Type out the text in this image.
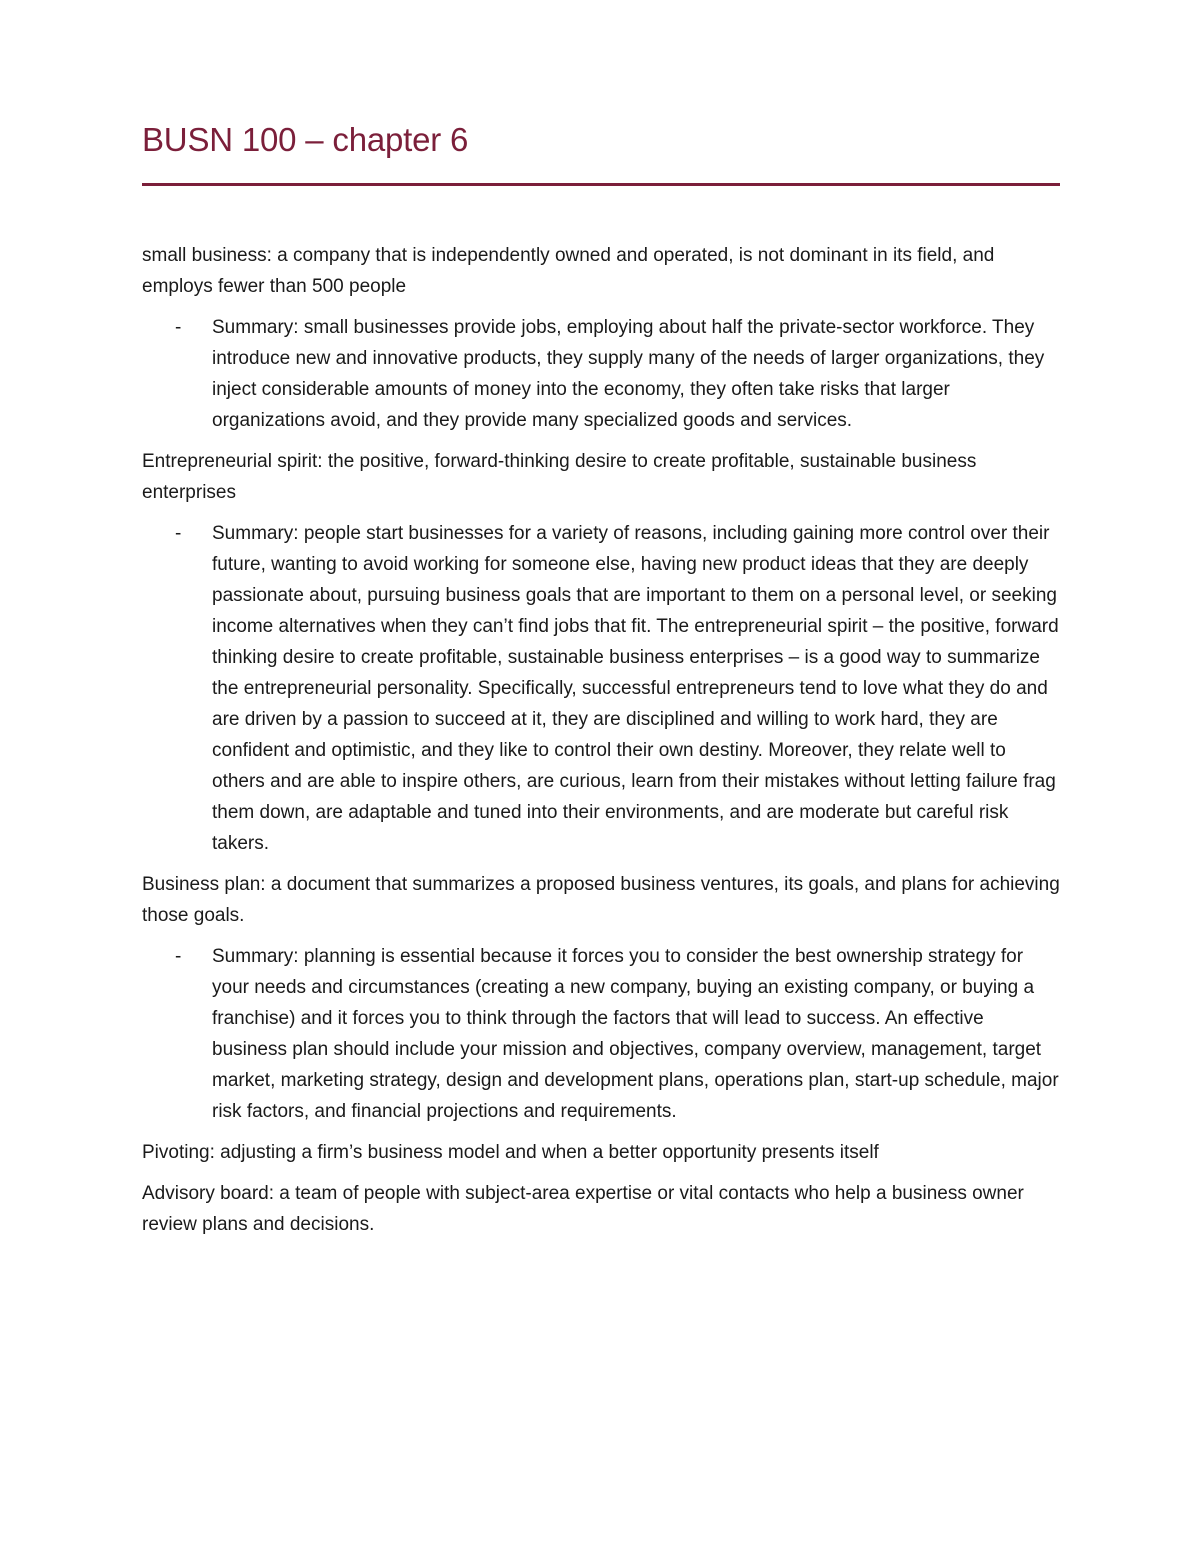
BUSN 100 – chapter 6

small business: a company that is independently owned and operated, is not dominant in its field, and employs fewer than 500 people

- Summary: small businesses provide jobs, employing about half the private-sector workforce. They introduce new and innovative products, they supply many of the needs of larger organizations, they inject considerable amounts of money into the economy, they often take risks that larger organizations avoid, and they provide many specialized goods and services.

Entrepreneurial spirit: the positive, forward-thinking desire to create profitable, sustainable business enterprises

- Summary: people start businesses for a variety of reasons, including gaining more control over their future, wanting to avoid working for someone else, having new product ideas that they are deeply passionate about, pursuing business goals that are important to them on a personal level, or seeking income alternatives when they can’t find jobs that fit. The entrepreneurial spirit – the positive, forward thinking desire to create profitable, sustainable business enterprises – is a good way to summarize the entrepreneurial personality. Specifically, successful entrepreneurs tend to love what they do and are driven by a passion to succeed at it, they are disciplined and willing to work hard, they are confident and optimistic, and they like to control their own destiny. Moreover, they relate well to others and are able to inspire others, are curious, learn from their mistakes without letting failure frag them down, are adaptable and tuned into their environments, and are moderate but careful risk takers.

Business plan: a document that summarizes a proposed business ventures, its goals, and plans for achieving those goals.

- Summary: planning is essential because it forces you to consider the best ownership strategy for your needs and circumstances (creating a new company, buying an existing company, or buying a franchise) and it forces you to think through the factors that will lead to success. An effective business plan should include your mission and objectives, company overview, management, target market, marketing strategy, design and development plans, operations plan, start-up schedule, major risk factors, and financial projections and requirements.

Pivoting: adjusting a firm’s business model and when a better opportunity presents itself

Advisory board: a team of people with subject-area expertise or vital contacts who help a business owner review plans and decisions.
